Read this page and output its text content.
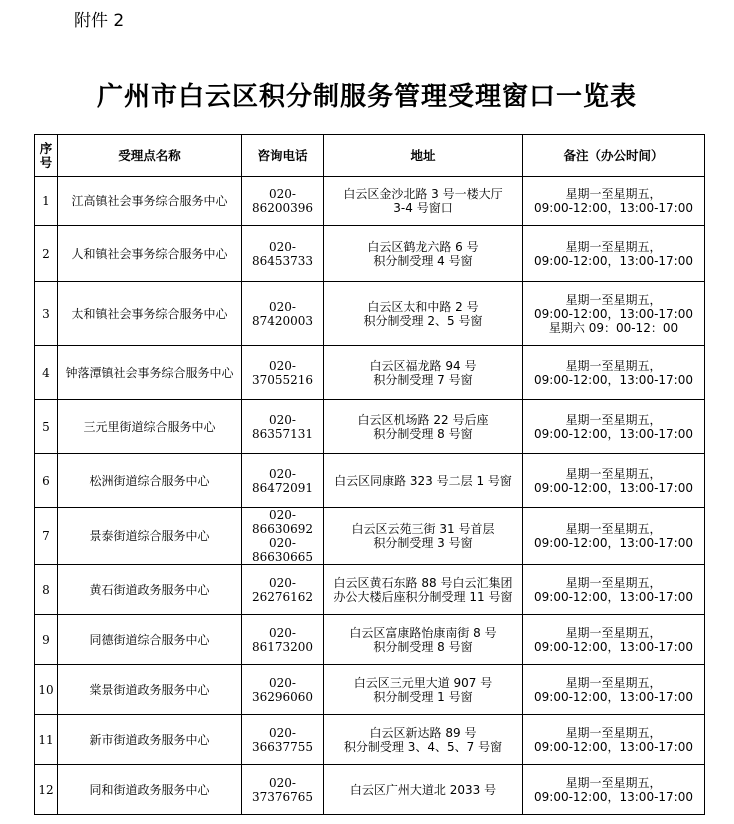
附件 2
广州市白云区积分制服务管理受理窗口一览表
序号	受理点名称	咨询电话	地址	备注（办公时间）
1	江高镇社会事务综合服务中心	020-86200396	白云区金沙北路 3 号一楼大厅
3-4 号窗口	星期一至星期五，
09:00-12:00，13:00-17:00
2	人和镇社会事务综合服务中心	020-86453733	白云区鹤龙六路 6 号
积分制受理 4 号窗	星期一至星期五，
09:00-12:00，13:00-17:00
3	太和镇社会事务综合服务中心	020-87420003	白云区太和中路 2 号
积分制受理 2、5 号窗	星期一至星期五，
09:00-12:00，13:00-17:00
星期六 09：00-12：00
4	钟落潭镇社会事务综合服务中心	020-37055216	白云区福龙路 94 号
积分制受理 7 号窗	星期一至星期五，
09:00-12:00，13:00-17:00
5	三元里街道综合服务中心	020-86357131	白云区机场路 22 号后座
积分制受理 8 号窗	星期一至星期五，
09:00-12:00，13:00-17:00
6	松洲街道综合服务中心	020-86472091	白云区同康路 323 号二层 1 号窗	星期一至星期五，
09:00-12:00，13:00-17:00
7	景泰街道综合服务中心	020-86630692
020-86630665	白云区云苑三街 31 号首层
积分制受理 3 号窗	星期一至星期五，
09:00-12:00，13:00-17:00
8	黄石街道政务服务中心	020-26276162	白云区黄石东路 88 号白云汇集团
办公大楼后座积分制受理 11 号窗	星期一至星期五，
09:00-12:00，13:00-17:00
9	同德街道综合服务中心	020-86173200	白云区富康路怡康南街 8 号
积分制受理 8 号窗	星期一至星期五，
09:00-12:00，13:00-17:00
10	棠景街道政务服务中心	020-36296060	白云区三元里大道 907 号
积分制受理 1 号窗	星期一至星期五，
09:00-12:00，13:00-17:00
11	新市街道政务服务中心	020-36637755	白云区新达路 89 号
积分制受理 3、4、5、7 号窗	星期一至星期五，
09:00-12:00，13:00-17:00
12	同和街道政务服务中心	020-37376765	白云区广州大道北 2033 号	星期一至星期五，
09:00-12:00，13:00-17:00
